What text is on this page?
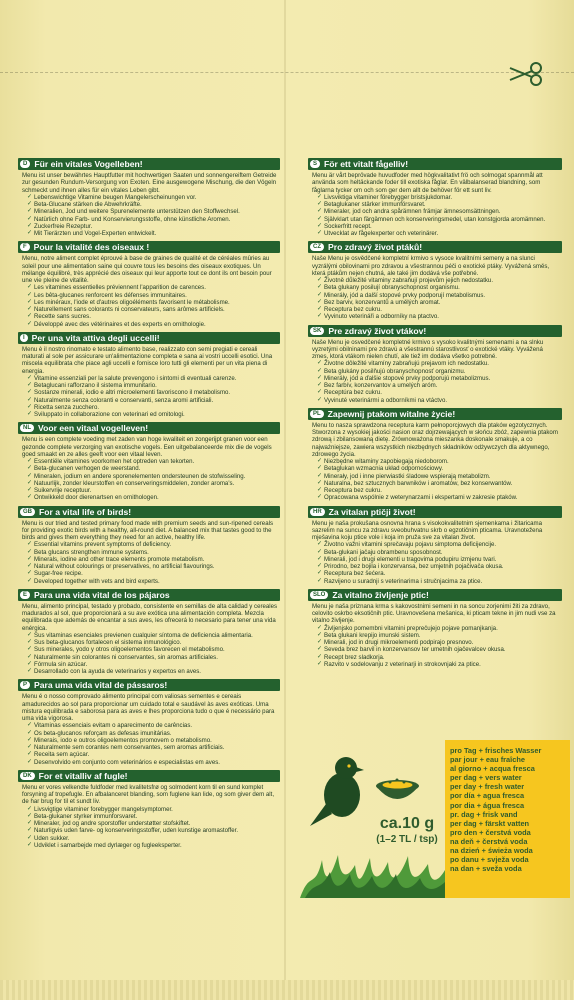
D Für ein vitales Vogelleben!

Menu ist unser bewährtes Hauptfutter mit hochwertigen Saaten und sonnengereiftem Getreide zur gesunden Rundum-Versorgung von Exoten. Eine ausgewogene Mischung, die den Vögeln schmeckt und ihnen alles für ein vitales Leben gibt.

✓ Lebenswichtige Vitamine beugen Mangelerscheinungen vor.
✓ Beta-Glucane stärken die Abwehrkräfte.
✓ Mineralien, Jod und weitere Spurenelemente unterstützen den Stoffwechsel.
✓ Natürlich ohne Farb- und Konservierungsstoffe, ohne künstliche Aromen.
✓ Zuckerfreie Rezeptur.
✓ Mit Tierärzten und Vogel-Experten entwickelt.
F Pour la vitalité des oiseaux !

Menu, notre aliment complet éprouvé à base de graines de qualité et de céréales mûries au soleil pour une alimentation saine qui couvre tous les besoins des oiseaux exotiques. Un mélange équilibré, très apprécié des oiseaux qui leur apporte tout ce dont ils ont besoin pour une vie pleine de vitalité.

✓ Les vitamines essentielles préviennent l'apparition de carences.
✓ Les bêta-glucanes renforcent les défenses immunitaires.
✓ Les minéraux, l'iode et d'autres oligoéléments favorisent le métabolisme.
✓ Naturellement sans colorants ni conservateurs, sans arômes artificiels.
✓ Recette sans sucres.
✓ Développé avec des vétérinaires et des experts en ornithologie.
I Per una vita attiva degli uccelli!

Menu è il nostro rinomato e testato alimento base, realizzato con semi pregiati e cereali maturati al sole per assicurare un'alimentazione completa e sana ai vostri uccelli esotici. Una miscela equilibrata che piace agli uccelli e fornisce loro tutti gli elementi per un vita piena di energia.

✓ Vitamine essenziali per la salute prevengono i sintomi di eventuali carenze.
✓ Betaglucani rafforzano il sistema immunitario.
✓ Sostanze minerali, iodio e altri microelementi favoriscono il metabolismo.
✓ Naturalmente senza coloranti e conservanti, senza aromi artificiali.
✓ Ricetta senza zucchero.
✓ Sviluppato in collaborazione con veterinari ed ornitologi.
NL Voor een vitaal vogelleven!

Menu is een complete voeding met zaden van hoge kwaliteit en zongerijpt granen voor een gezonde complete verzorging van exotische vogels. Een uitgebalanceerde mix die de vogels goed smaakt en ze alles geeft voor een vitaal leven.

✓ Essentiële vitamines voorkomen het optreden van tekorten.
✓ Beta-glucanen verhogen de weerstand.
✓ Mineralen, jodium en andere sporenelementen ondersteunen de stofwisseling.
✓ Natuurlijk, zonder kleurstoffen en conserveringsmiddelen, zonder aroma's.
✓ Suikervrije receptuur.
✓ Ontwikkeld door dierenartsen en ornithologen.
GB For a vital life of birds!

Menu is our tried and tested primary food made with premium seeds and sun-ripened cereals for providing exotic birds with a healthy, all-round diet. A balanced mix that tastes good to the birds and gives them everything they need for an active, healthy life.

✓ Essential vitamins prevent symptoms of deficiency.
✓ Beta glucans strengthen immune systems.
✓ Minerals, iodine and other trace elements promote metabolism.
✓ Natural without colourings or preservatives, no artificial flavourings.
✓ Sugar-free recipe.
✓ Developed together with vets and bird experts.
E Para una vida vital de los pájaros

Menu, alimento principal, testado y probado, consistente en semillas de alta calidad y cereales madurados al sol, que proporcionará a su ave exótica una alimentación completa. Mezcla equilibrada que además de encantar a sus aves, les ofrecerá lo necesario para tener una vida enérgica.

✓ Sus vitaminas esenciales previenen cualquier síntoma de deficiencia alimentaria.
✓ Sus beta-glucanos fortalecen el sistema inmunológico.
✓ Sus minerales, yodo y otros oligoelementos favorecen el metabolismo.
✓ Naturalmente sin colorantes ni conservantes, sin aromas artificiales.
✓ Fórmula sin azúcar.
✓ Desarrollado con la ayuda de veterinarios y expertos en aves.
P Para uma vida vital de pássaros!

Menu é o nosso comprovado alimento principal com valiosas sementes e cereais amadurecidos ao sol para proporcionar um cuidado total e saudável às aves exóticas. Uma mistura equilibrada e saborosa para as aves e lhes proporciona tudo o que é necessário para uma vida vigorosa.

✓ Vitaminas essenciais evitam o aparecimento de carências.
✓ Os beta-glucanos reforçam as defesas imunitárias.
✓ Minerais, iodo e outros oligoelementos promovem o metabolismo.
✓ Naturalmente sem corantes nem conservantes, sem aromas artificiais.
✓ Receita sem açúcar.
✓ Desenvolvido em conjunto com veterinários e especialistas em aves.
DK For et vitalliv af fugle!

Menu er vores velkendte fuldfoder med kvalitetsfrø og solmodent korn til en sund komplet forsyning af tropefugle. En afbalanceret blanding, som fuglene kan lide, og som giver dem alt, de har brug for til et sundt liv.

✓ Livsvigtige vitaminer forebygger mangelsymptomer.
✓ Beta-glukaner styrker immunforsvaret.
✓ Mineraler, jod og andre sporstoffer understøtter stofskiftet.
✓ Naturligvis uden farve- og konserveringsstoffer, uden kunstige aromastoffer.
✓ Uden sukker.
✓ Udviklet i samarbejde med dyrlæger og fugleeksperter.
S För ett vitalt fågelliv!

Menu är vårt beprövade huvudfoder med högkvalitativt frö och solmogat spannmål att använda som heltäckande foder till exotiska fåglar. En välbalanserad blandning, som fåglarna tycker om och som ger dem allt de behöver för ett sunt liv.

✓ Livsviktiga vitaminer förebygger bristsjukdomar.
✓ Betaglukaner stärker immunförsvaret.
✓ Mineraler, jod och andra spårämnen främjar ämnesomsättningen.
✓ Självklart utan färgämnen och konserveringsmedel, utan konstgjorda aromämnen.
✓ Sockerfritt recept.
✓ Utvecklat av fågelexperter och veterinärer.
CZ Pro zdravý život ptáků!

Naše Menu je osvědčené kompletní krmivo s vysoce kvalitními semeny a na slunci vyzrálými obilovinami pro zdravou a všestrannou péči o exotické ptáky. Vyvážená směs, která ptákům nejen chutná, ale také jim dodává vše potřebné.

✓ Životně důležité vitaminy zabraňují projevům jejich nedostatku.
✓ Beta glukany posilují obranyschopnost organismu.
✓ Minerály, jód a další stopové prvky podporují metabolismus.
✓ Bez barviv, konzervantů a umělých aromat.
✓ Receptura bez cukru.
✓ Vyvinuto veterináři a odborníky na ptactvo.
SK Pre zdravý život vtákov!

Naše Menu je osvedčené kompletné krmivo s vysoko kvalitnými semenami a na slnku vyzretými obilninami pre zdravú a všestrannú starostlivosť o exotické vtáky. Vyvážená zmes, ktorá vtákom nielen chutí, ale tiež im dodáva všetko potrebné.

✓ Životne dôležité vitamíny zabraňujú prejavom ich nedostatku.
✓ Beta glukány posilňujú obranyschopnosť organizmu.
✓ Minerály, jód a ďalšie stopové prvky podporujú metabolizmus.
✓ Bez farbív, konzervantov a umelých aróm.
✓ Receptúra bez cukru.
✓ Vyvinuté veterinármi a odborníkmi na vtáctvo.
PL Zapewnij ptakom witalne życie!

Menu to nasza sprawdzona receptura karm pełnoporcjowych dla ptaków egzotycznych. Stworzona z wysokiej jakości nasion oraz dojrzewających w słońcu zbóż, zapewnia ptakom zdrową i zbilansowaną dietę. Zrównoważona mieszanka doskonale smakuje, a co najważniejsze, zawiera wszystkich niezbędnych składników odżywczych dla aktywnego, zdrowego życia.

✓ Niezbędne witaminy zapobiegają niedoborom.
✓ Betaglukan wzmacnia układ odpornościowy.
✓ Minerały, jod i inne pierwiastki śladowe wspierają metabolizm.
✓ Naturalna, bez sztucznych barwników i aromatów, bez konserwantów.
✓ Receptura bez cukru.
✓ Opracowana wspólnie z weterynarzami i ekspertami w zakresie ptaków.
HR Za vitalan ptičji život!

Menu je naša prokušana osnovna hrana s visokokvalitetnim sjemenkama i žitaricama sazrelim na suncu za zdravu sveobuhvatnu skrb o egzotičnim pticama. Uravnotežena mješavina koju ptice vole i koja im pruža sve za vitalan život.

✓ Životno važni vitamini sprečavaju pojavu simptoma deficijencije.
✓ Beta-glukani jačaju obrambenu sposobnost.
✓ Minerali, jod i drugi elementi u tragovima podupiru izmjenu tvari.
✓ Prirodno, bez bojila i konzervansa, bez umjetnih pojačivača okusa.
✓ Receptura bez šećera.
✓ Razvijeno u suradnji s veterinarima i stručnjacima za ptice.
SLO Za vitalno življenje ptic!

Menu je naša priznana krma s kakovostnimi semeni in na soncu zorjenimi žiti za zdravo, celovito oskrbo eksotičnih ptic. Uravnovešena mešanica, ki pticam tekne in jim nudi vse za vitalno življenje.

✓ Življenjsko pomembni vitamini preprečujejo pojave pomanjkanja.
✓ Beta glukani krepijo imunski sistem.
✓ Minerali, jod in drugi mikroelementi podpirajo presnovo.
✓ Seveda brez barvil in konzervansov ter umetnih ojačevalcev okusa.
✓ Recept brez sladkorja.
✓ Razvito v sodelovanju z veterinarji in strokovnjaki za ptice.
pro Tag + frisches Wasser
par jour + eau fraîche
al giorno + acqua fresca
per dag + vers water
per day + fresh water
por día + agua fresca
por dia + água fresca
pr. dag + frisk vand
per dag + färskt vatten
pro den + čerstvá voda
na deň + čerstvá voda
na dzień + świeża woda
po danu + svježa voda
na dan + sveža voda
ca.10 g
(1–2 TL / tsp)
